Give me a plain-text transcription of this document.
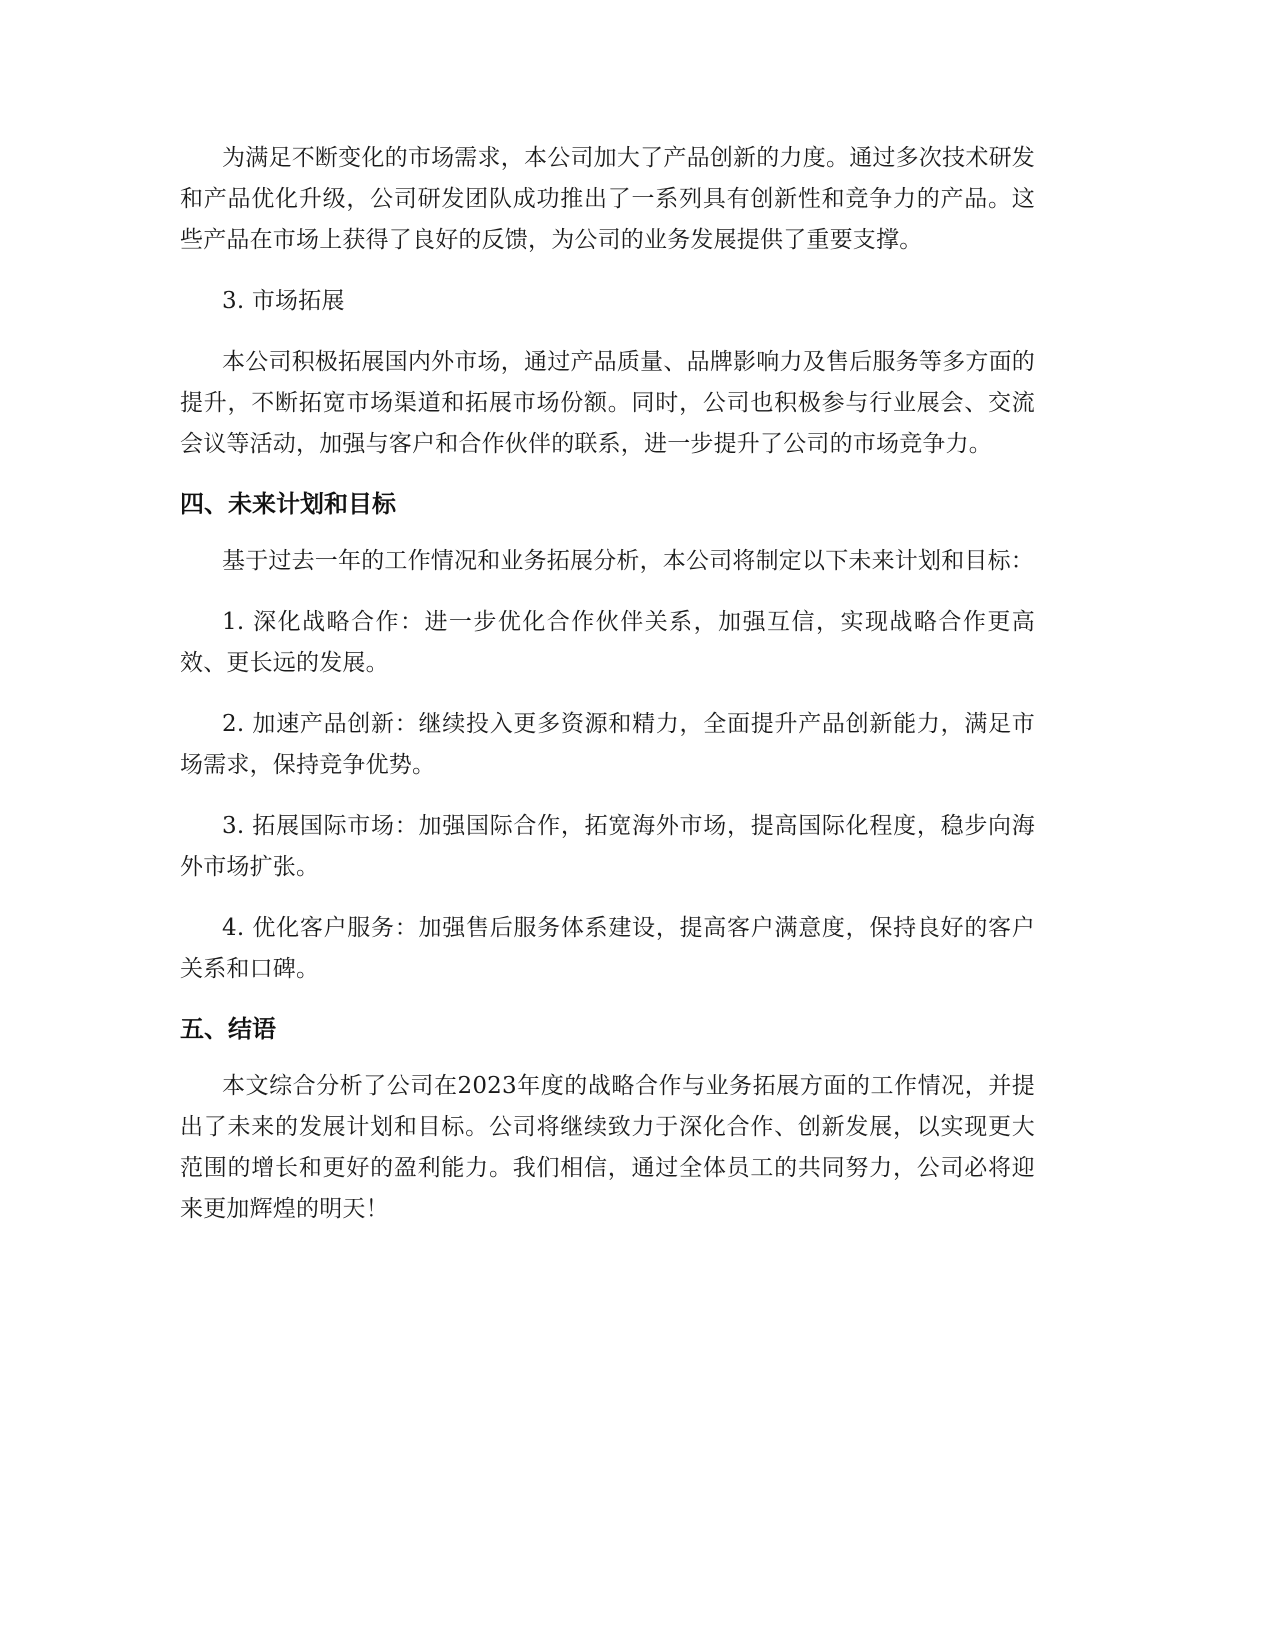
为满足不断变化的市场需求，本公司加大了产品创新的力度。通过多次技术研发和产品优化升级，公司研发团队成功推出了一系列具有创新性和竞争力的产品。这些产品在市场上获得了良好的反馈，为公司的业务发展提供了重要支撑。

3. 市场拓展

本公司积极拓展国内外市场，通过产品质量、品牌影响力及售后服务等多方面的提升，不断拓宽市场渠道和拓展市场份额。同时，公司也积极参与行业展会、交流会议等活动，加强与客户和合作伙伴的联系，进一步提升了公司的市场竞争力。

四、未来计划和目标

基于过去一年的工作情况和业务拓展分析，本公司将制定以下未来计划和目标：

1. 深化战略合作：进一步优化合作伙伴关系，加强互信，实现战略合作更高效、更长远的发展。

2. 加速产品创新：继续投入更多资源和精力，全面提升产品创新能力，满足市场需求，保持竞争优势。

3. 拓展国际市场：加强国际合作，拓宽海外市场，提高国际化程度，稳步向海外市场扩张。

4. 优化客户服务：加强售后服务体系建设，提高客户满意度，保持良好的客户关系和口碑。

五、结语

本文综合分析了公司在2023年度的战略合作与业务拓展方面的工作情况，并提出了未来的发展计划和目标。公司将继续致力于深化合作、创新发展，以实现更大范围的增长和更好的盈利能力。我们相信，通过全体员工的共同努力，公司必将迎来更加辉煌的明天！
